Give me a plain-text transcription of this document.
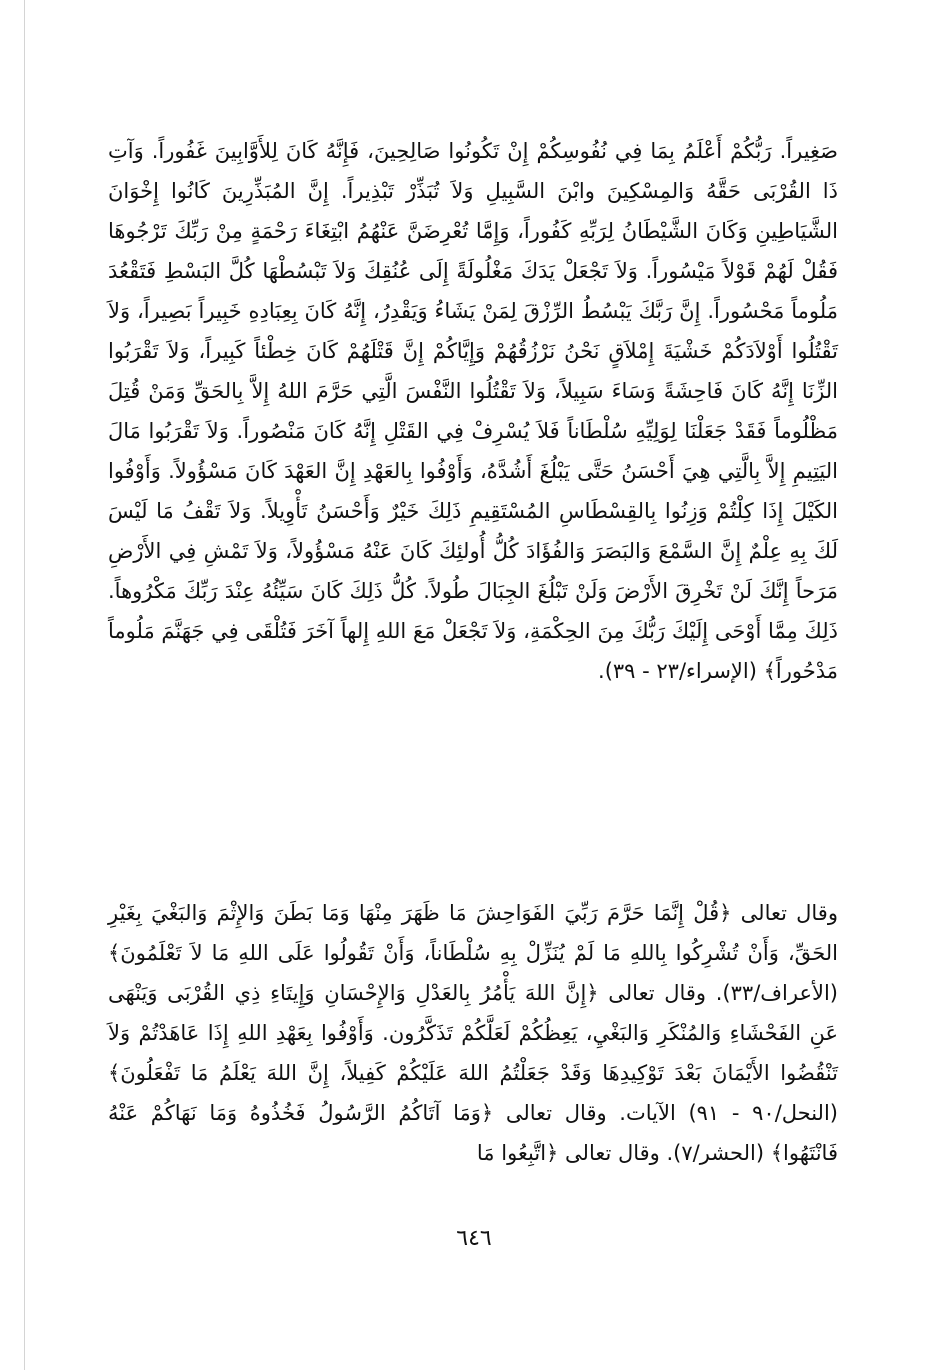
صَغِيراً. رَبُّكُمْ أَعْلَمُ بِمَا فِي نُفُوسِكُمْ إِنْ تَكُونُوا صَالِحِينَ، فَإِنَّهُ كَانَ لِلأَوَّابِينَ غَفُوراً. وَآتِ ذَا القُرْبَى حَقَّهُ وَالمِسْكِينَ وابْنَ السَّبِيلِ وَلاَ تُبَذِّرْ تَبْذِيراً. إِنَّ المُبَذِّرِينَ كَانُوا إِخْوَانَ الشَّيَاطِينِ وَكَانَ الشَّيْطَانُ لِرَبِّهِ كَفُوراً، وَإِمَّا تُعْرِضَنَّ عَنْهُمُ ابْتِغَاءَ رَحْمَةٍ مِنْ رَبِّكَ تَرْجُوهَا فَقُلْ لَهُمْ قَوْلاً مَيْسُوراً. وَلاَ تَجْعَلْ يَدَكَ مَغْلُولَةً إِلَى عُنُقِكَ وَلاَ تَبْسُطْهَا كُلَّ البَسْطِ فَتَقْعُدَ مَلُوماً مَحْسُوراً. إِنَّ رَبَّكَ يَبْسُطُ الرِّزْقَ لِمَنْ يَشَاءُ وَيَقْدِرُ، إِنَّهُ كَانَ بِعِبَادِهِ خَبِيراً بَصِيراً، وَلاَ تَقْتُلُوا أَوْلاَدَكُمْ خَشْيَةَ إِمْلاَقٍ نَحْنُ نَرْزُقُهُمْ وَإِيَّاكُمْ إِنَّ قَتْلَهُمْ كَانَ خِطْئاً كَبِيراً، وَلاَ تَقْرَبُوا الزِّنَا إِنَّهُ كَانَ فَاحِشَةً وَسَاءَ سَبِيلاً، وَلاَ تَقْتُلُوا النَّفْسَ الَّتِي حَرَّمَ اللهُ إِلاَّ بِالحَقِّ وَمَنْ قُتِلَ مَظْلُوماً فَقَدْ جَعَلْنَا لِوَلِيِّهِ سُلْطَاناً فَلاَ يُسْرِفْ فِي القَتْلِ إِنَّهُ كَانَ مَنْصُوراً. وَلاَ تَقْرَبُوا مَالَ اليَتِيمِ إِلاَّ بِالَّتِي هِيَ أَحْسَنُ حَتَّى يَبْلُغَ أَشُدَّهُ، وَأَوْفُوا بِالعَهْدِ إِنَّ العَهْدَ كَانَ مَسْؤُولاً. وَأَوْفُوا الكَيْلَ إِذَا كِلْتُمْ وَزِنُوا بِالقِسْطَاسِ المُسْتَقِيمِ ذَلِكَ خَيْرٌ وَأَحْسَنُ تَأْوِيلاً. وَلاَ تَقْفُ مَا لَيْسَ لَكَ بِهِ عِلْمٌ إِنَّ السَّمْعَ وَالبَصَرَ وَالفُؤَادَ كُلُّ أُولئِكَ كَانَ عَنْهُ مَسْؤُولاً، وَلاَ تَمْشِ فِي الأَرْضِ مَرَحاً إِنَّكَ لَنْ تَخْرِقَ الأَرْضَ وَلَنْ تَبْلُغَ الجِبَالَ طُولاً. كُلُّ ذَلِكَ كَانَ سَيِّئُهُ عِنْدَ رَبِّكَ مَكْرُوهاً. ذَلِكَ مِمَّا أَوْحَى إِلَيْكَ رَبُّكَ مِنَ الحِكْمَةِ، وَلاَ تَجْعَلْ مَعَ اللهِ إِلهاً آخَرَ فَتُلْقَى فِي جَهَنَّمَ مَلُوماً مَدْحُوراً﴾ (الإسراء/٢٣ - ٣٩).

وقال تعالى ﴿قُلْ إِنَّمَا حَرَّمَ رَبِّيَ الفَوَاحِشَ مَا ظَهَرَ مِنْهَا وَمَا بَطَنَ وَالإِثْمَ وَالبَغْيَ بِغَيْرِ الحَقِّ، وَأَنْ تُشْرِكُوا بِاللهِ مَا لَمْ يُنَزِّلْ بِهِ سُلْطَاناً، وَأَنْ تَقُولُوا عَلَى اللهِ مَا لاَ تَعْلَمُونَ﴾ (الأعراف/٣٣). وقال تعالى ﴿إِنَّ اللهَ يَأْمُرُ بِالعَدْلِ وَالإِحْسَانِ وَإِيتَاءِ ذِي القُرْبَى وَيَنْهَى عَنِ الفَحْشَاءِ وَالمُنْكَرِ وَالبَغْيِ، يَعِظُكُمْ لَعَلَّكُمْ تَذَكَّرُون. وَأَوْفُوا بِعَهْدِ اللهِ إِذَا عَاهَدْتُمْ وَلاَ تَنْقُضُوا الأَيْمَانَ بَعْدَ تَوْكِيدِهَا وَقَدْ جَعَلْتُمُ اللهَ عَلَيْكُمْ كَفِيلاً، إِنَّ اللهَ يَعْلَمُ مَا تَفْعَلُونَ﴾ (النحل/٩٠ - ٩١) الآيات. وقال تعالى ﴿وَمَا آتَاكُمُ الرَّسُولُ فَخُذُوهُ وَمَا نَهَاكُمْ عَنْهُ فَانْتَهُوا﴾ (الحشر/٧). وقال تعالى ﴿اتَّبِعُوا مَا

٦٤٦
